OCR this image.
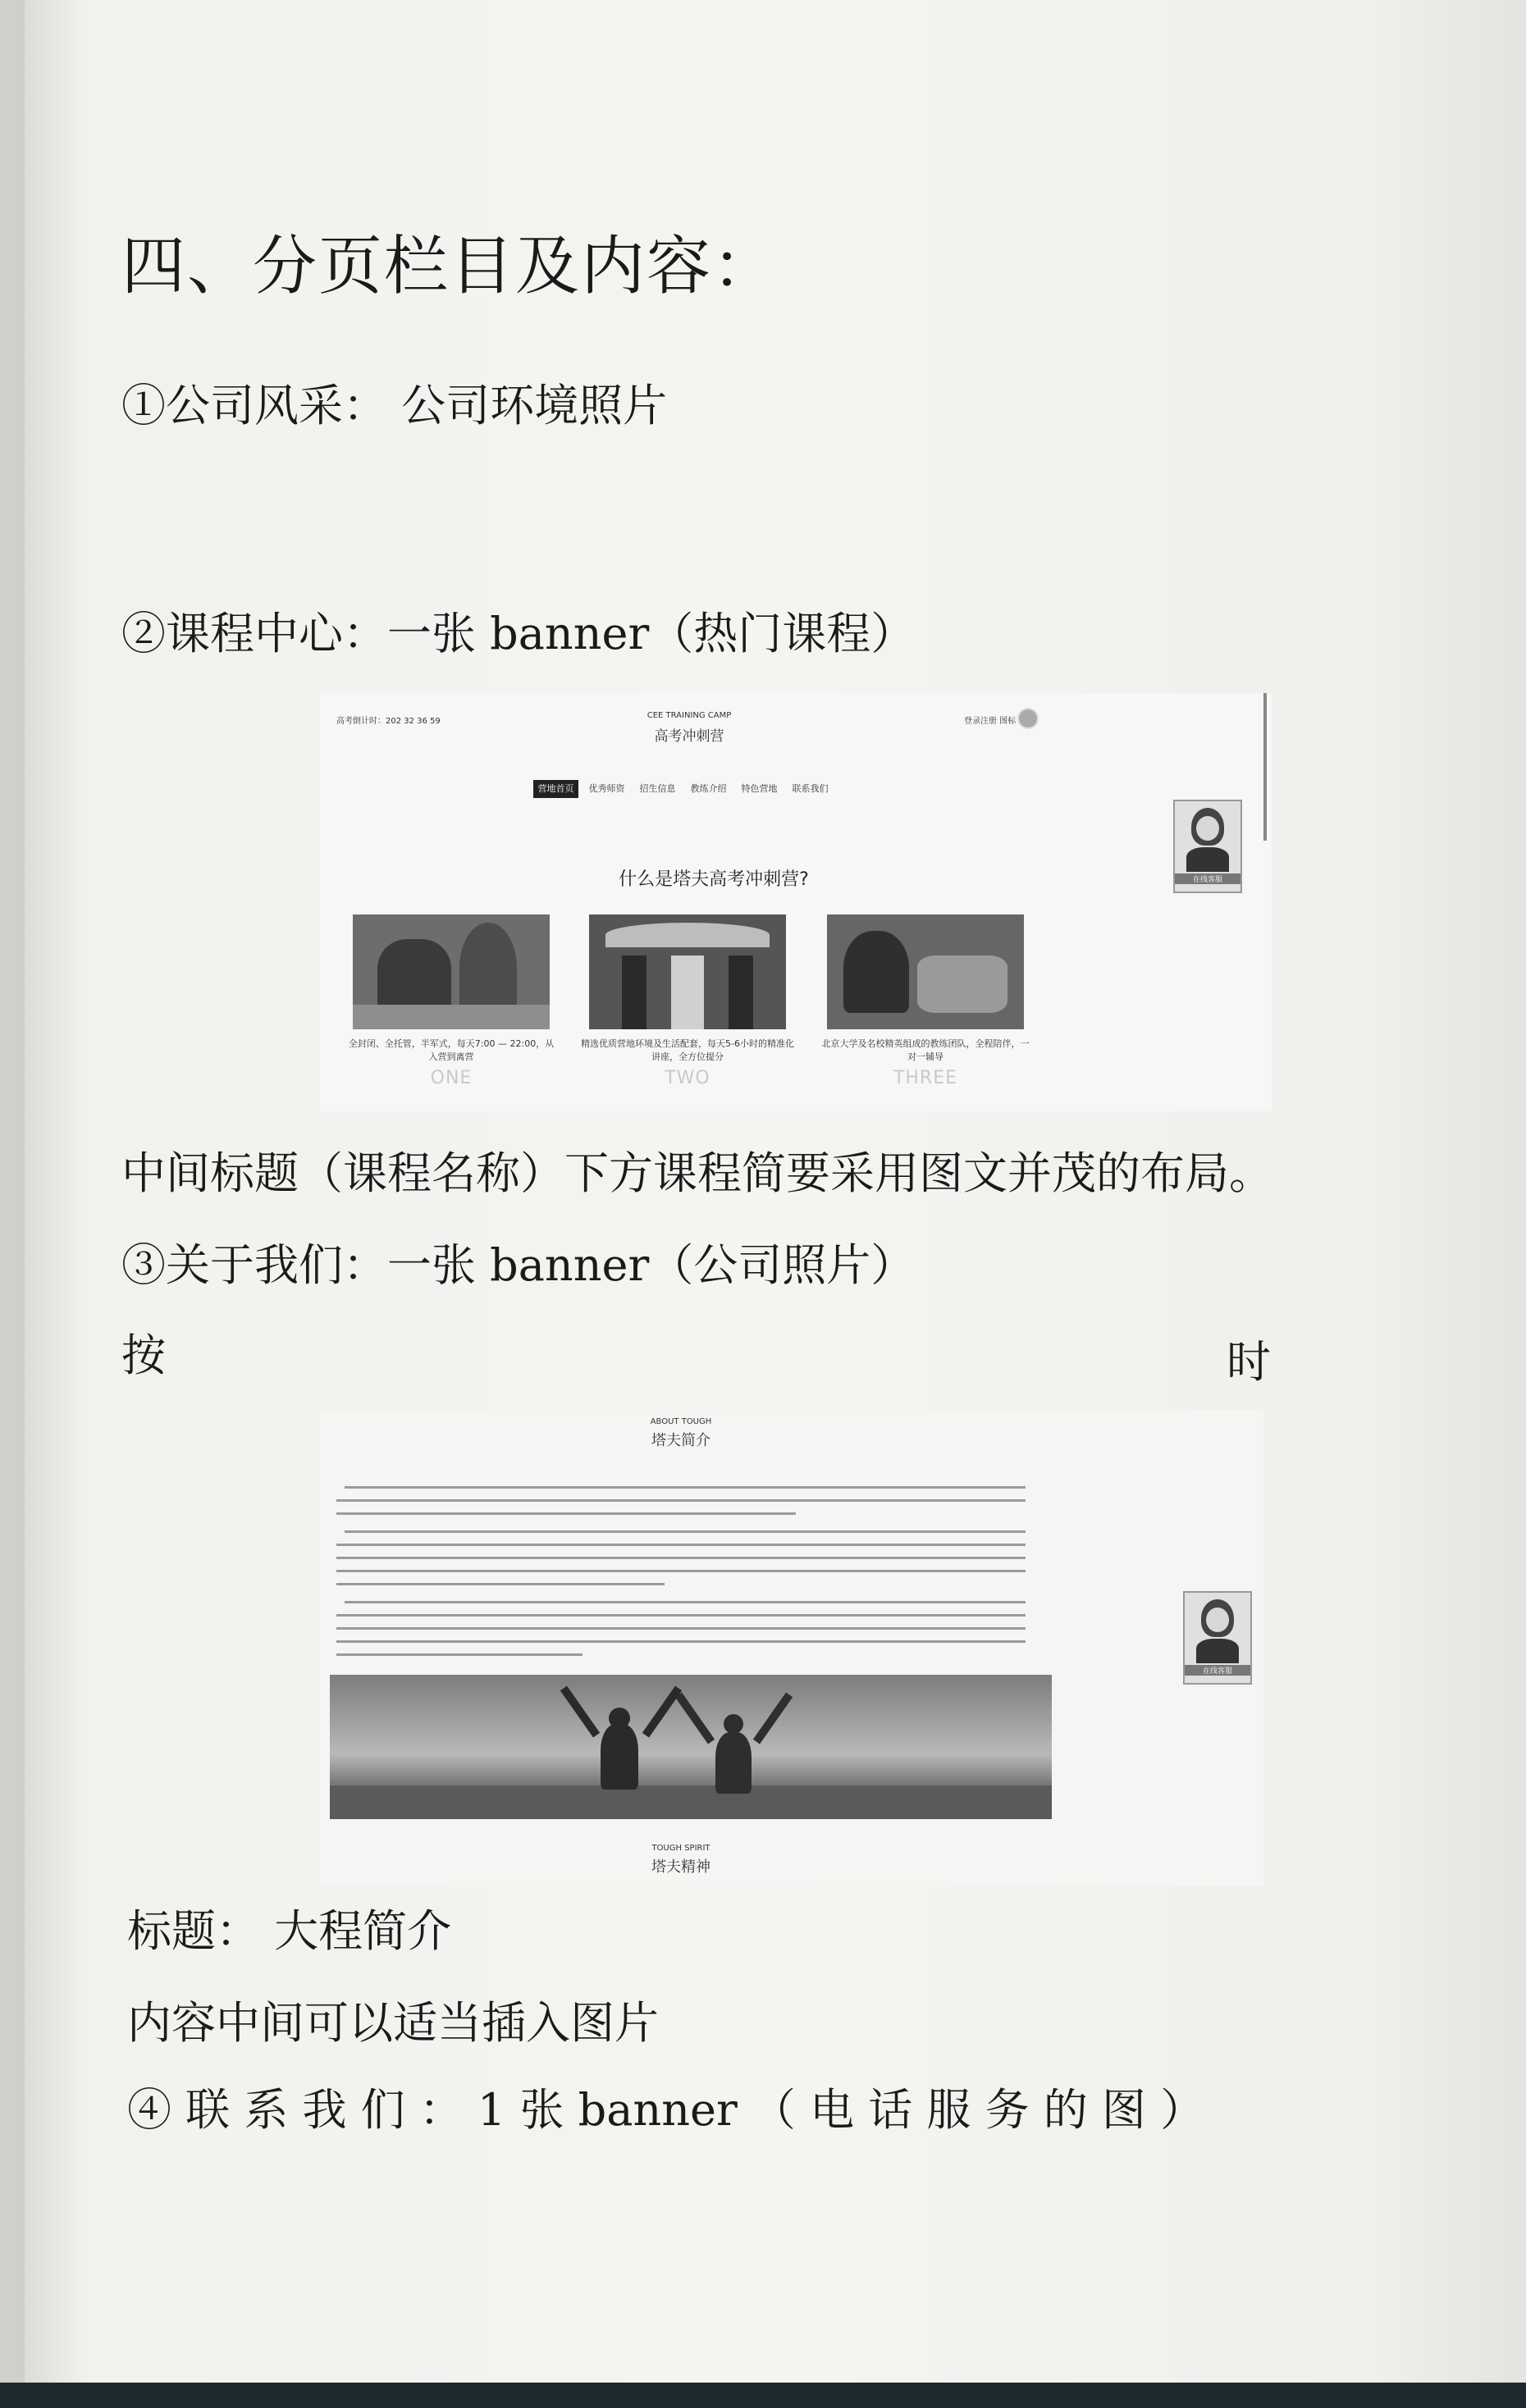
四、分页栏目及内容：
①公司风采： 公司环境照片
②课程中心：一张 banner（热门课程）
高考倒计时：202 32 36 59
CEE TRAINING CAMP
高考冲刺营
登录注册 图标
营地首页	优秀师资	招生信息	教练介绍	特色营地	联系我们
什么是塔夫高考冲刺营?
全封闭、全托管，半军式，每天7:00 — 22:00，从入营到离营
精选优质营地环境及生活配套，每天5-6小时的精准化讲座，全方位提分
北京大学及名校精英组成的教练团队，全程陪伴，一对一辅导
ONE	TWO	THREE
在线客服
中间标题（课程名称）下方课程简要采用图文并茂的布局。
③关于我们：一张 banner（公司照片）
按	时
ABOUT TOUGH
塔夫简介
TOUGH SPIRIT
塔夫精神
在线客服
标题： 大程简介
内容中间可以适当插入图片
④ 联 系 我 们 ： 1 张 banner （ 电 话 服 务 的 图 ）
